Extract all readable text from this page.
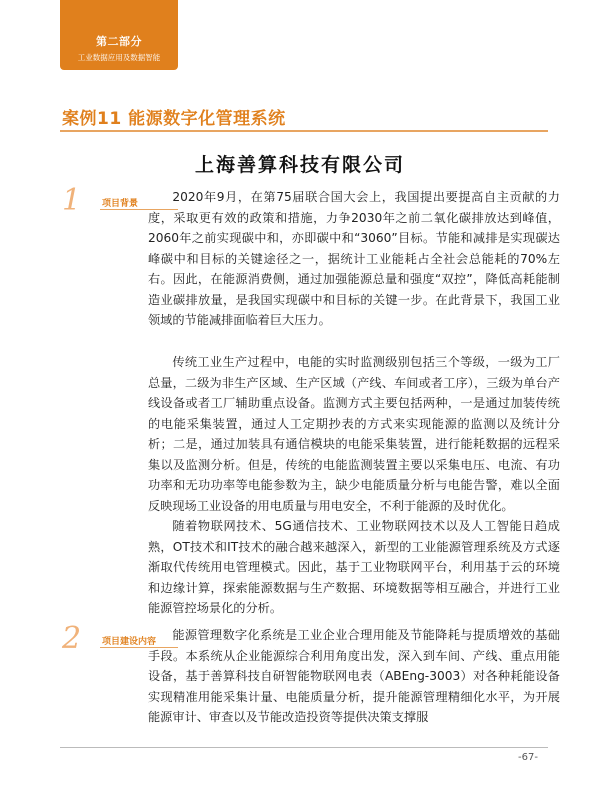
第二部分
工业数据应用及数据智能
案例11 能源数字化管理系统
上海善算科技有限公司
1 项目背景	2020年9月，在第75届联合国大会上，我国提出要提高自主贡献的力度，采取更有效的政策和措施，力争2030年之前二氧化碳排放达到峰值，2060年之前实现碳中和，亦即碳中和“3060”目标。节能和减排是实现碳达峰碳中和目标的关键途径之一，据统计工业能耗占全社会总能耗的70%左右。因此，在能源消费侧，通过加强能源总量和强度“双控”，降低高耗能制造业碳排放量，是我国实现碳中和目标的关键一步。在此背景下，我国工业领域的节能减排面临着巨大压力。

传统工业生产过程中，电能的实时监测级别包括三个等级，一级为工厂总量，二级为非生产区域、生产区域（产线、车间或者工序），三级为单台产线设备或者工厂辅助重点设备。监测方式主要包括两种，一是通过加装传统的电能采集装置，通过人工定期抄表的方式来实现能源的监测以及统计分析；二是，通过加装具有通信模块的电能采集装置，进行能耗数据的远程采集以及监测分析。但是，传统的电能监测装置主要以采集电压、电流、有功功率和无功功率等电能参数为主，缺少电能质量分析与电能告警，难以全面反映现场工业设备的用电质量与用电安全，不利于能源的及时优化。

随着物联网技术、5G通信技术、工业物联网技术以及人工智能日趋成熟，OT技术和IT技术的融合越来越深入，新型的工业能源管理系统及方式逐渐取代传统用电管理模式。因此，基于工业物联网平台，利用基于云的环境和边缘计算，探索能源数据与生产数据、环境数据等相互融合，并进行工业能源管控场景化的分析。

2 项目建设内容	能源管理数字化系统是工业企业合理用能及节能降耗与提质增效的基础手段。本系统从企业能源综合利用角度出发，深入到车间、产线、重点用能设备，基于善算科技自研智能物联网电表（ABEng-3003）对各种耗能设备实现精准用能采集计量、电能质量分析，提升能源管理精细化水平，为开展能源审计、审查以及节能改造投资等提供决策支撑服

-67-
